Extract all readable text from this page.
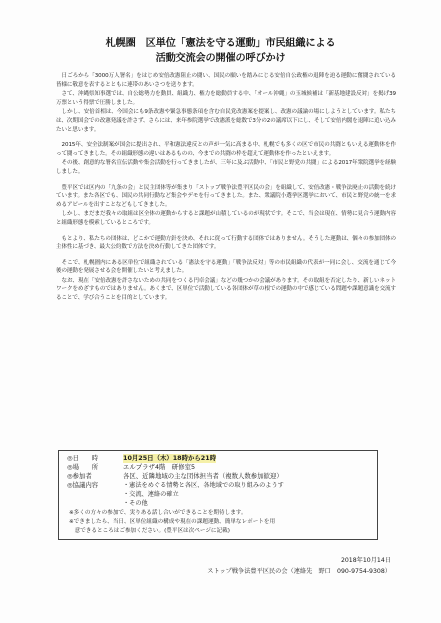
札幌圏　区単位「憲法を守る運動」市民組織による
活動交流会の開催の呼びかけ

日ごろから「3000万人署名」をはじめ安倍改憲阻止の闘い、国民の願いを踏みにじる安倍自公政権の退陣を迫る運動に奮闘されている皆様に敬意を表するとともに連帯のあいさつを送ります。

さて、沖縄県知事選では、自公総勢力を動員、組織力、権力を総動員する中、「オール沖縄」の玉城候補は「新基地建設反対」を掲げ39万票という得票で圧勝しました。

しかし、安倍首相は、今国会にも9条改憲や緊急事態条項を含む自民党改憲案を提案し、改憲の議論の場にしようとしています。私たちは、次期国会での改憲発議を許さず、さらには、来年参院選挙で改憲派を総数で3分の2の議席以下にし、そして安倍内閣を退陣に追い込みたいと思います。

2015年、安全法制案が国会に提出され、平和憲法違反との声が一気に高まる中、札幌でも多くの区で市民の共闘ともいえる運動体を作って闘ってきました。その組織形態の違いはあるものの、今までの共闘の枠を超えて運動体を作ったといえます。

その後、創意的な署名宣伝活動や集会活動を行ってきましたが、三年に及ぶ活動中、「市民と野党の共闘」による2017年衆院選挙を経験しました。

豊平区では区内の「九条の会」と民主団体等が集まり「ストップ戦争法豊平区民の会」を組織して、安倍改憲・戦争法廃止の活動を続けています。また各区でも、国民の共同行動など集会やデモを行ってきました。また、衆議院小選挙区選挙において、市民と野党の統一を求めるアピールを出すことなどもしてきました。

しかし、まだまだ我々の取組は区全体の運動からすると課題が山積しているのが現状です。そこで、当会は現在、情勢に見合う運動内容と組織形態を模索しているところです。

もとより、私たちの団体は、どこかで運動方針を決め、それに従って行動する団体ではありません。そうした運動は、個々の参加団体の主体性に基づき、最大公約数で方法を決め行動してきた団体です。

そこで、札幌圏内にある区単位で組織されている「憲法を守る運動」「戦争法反対」等の市民組織の代表が一同に会し、交流を通じて今後の運動を発展させる会を開催したいと考えました。

なお、現在「安倍改憲を許さないための共同をつくる円卓会議」などの幾つかの会議があります。その取組を否定したり、新しいネットワークをめざすものではありません。あくまで、区単位で活動している各団体が草の根での運動の中で感じている問題や課題意識を交流することで、学び合うことを目的としています。

◎日　　時	10月25日（木）18時から21時
◎場　　所	エルプラザ4階　研修室5
◎参加者	各区、近隣地域の主な団体担当者（複数人数参加歓迎）
◎協議内容	・憲法をめぐる情勢と各区、各地域での取り組みのようす
・交流、連絡の確立
・その他
※多くの方々の参加で、実りある話し合いができることを期待します。
※できましたら、当日、区単位組織の構成や現在の課題運動、簡単なレポートを用
　意できるところはご参加ください。(豊平区は次ページに記載)
2018年10月14日
ストップ戦争法豊平区民の会（連絡先　野口　090-9754-9308）
